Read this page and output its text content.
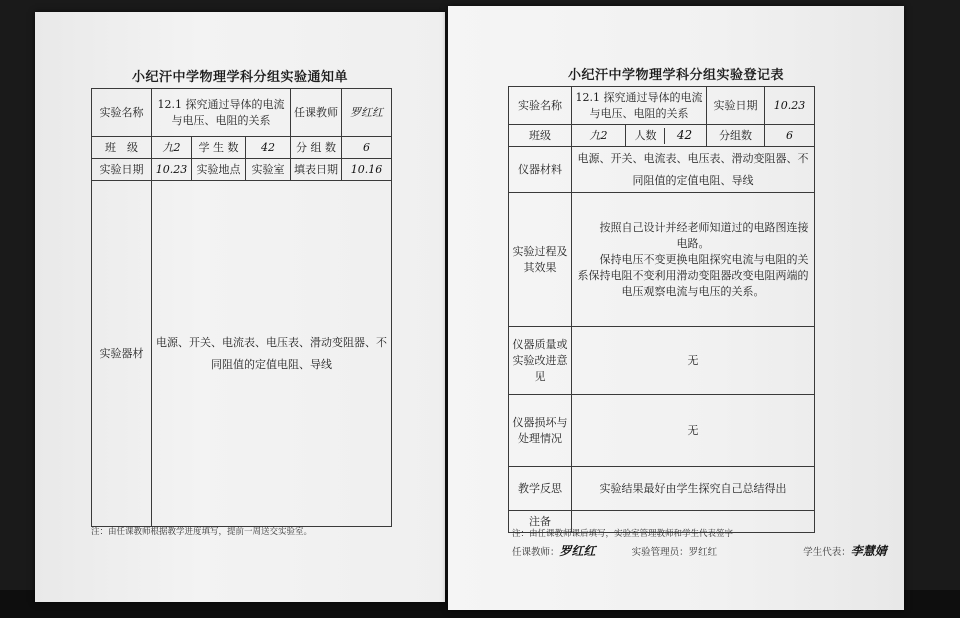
小纪汗中学物理学科分组实验通知单
实验名称	12.1 探究通过导体的电流与电压、电阻的关系			任课教师	罗红红
班　级	九2	学 生 数	42	分 组 数	6
实验日期	10.23	实验地点	实验室	填表日期	10.16
实验器材	电源、开关、电流表、电压表、滑动变阻器、不同阻值的定值电阻、导线				
注：由任课教师根据教学进度填写，提前一周送交实验室。
小纪汗中学物理学科分组实验登记表
实验名称	12.1 探究通过导体的电流与电压、电阻的关系		实验日期	10.23
班级	九2	人数 42	分组数	6
仪器材料	电源、开关、电流表、电压表、滑动变阻器、不同阻值的定值电阻、导线			
实验过程及其效果	按照自己设计并经老师知道过的电路图连接电路。
保持电压不变更换电阻探究电流与电阻的关系保持电阻不变利用滑动变阻器改变电阻两端的电压观察电流与电压的关系。			

仪器质量或实验改进意见	无			
仪器损坏与处理情况	无			
教学反思	实验结果最好由学生探究自己总结得出			
注备				
注：由任课教师课后填写，实验室管理教师和学生代表签字
任课教师：罗红红	实验管理员：罗红红	学生代表：李慧婧
